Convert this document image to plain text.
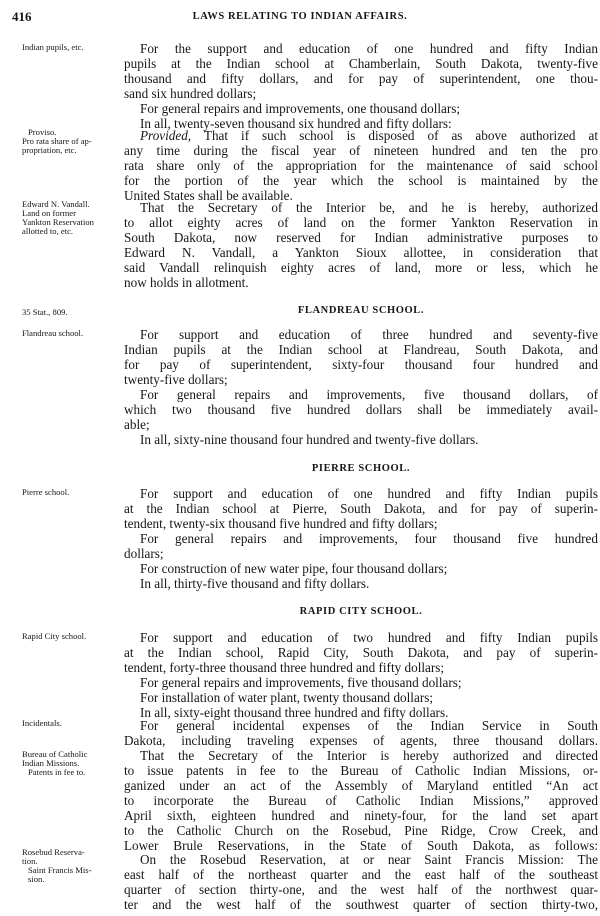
416	LAWS RELATING TO INDIAN AFFAIRS.
Indian pupils, etc.
Proviso.
Pro rata share of ap-
propriation, etc.
Edward N. Vandall.
Land on former
Yankton Reservation
allotted to, etc.
35 Stat., 809.
Flandreau school.
Pierre school.
Rapid City school.
Incidentals.
Bureau of Catholic
Indian Missions.
Patents in fee to.
Rosebud Reserva-
tion.
Saint Francis Mis-
sion.
FLANDREAU SCHOOL.
PIERRE SCHOOL.
RAPID CITY SCHOOL.
For the support and education of one hundred and fifty Indian
pupils at the Indian school at Chamberlain, South Dakota, twenty-five
thousand and fifty dollars, and for pay of superintendent, one thou-
sand six hundred dollars;
For general repairs and improvements, one thousand dollars;
In all, twenty-seven thousand six hundred and fifty dollars:
Provided, That if such school is disposed of as above authorized at
any time during the fiscal year of nineteen hundred and ten the pro
rata share only of the appropriation for the maintenance of said school
for the portion of the year which the school is maintained by the
United States shall be available.
That the Secretary of the Interior be, and he is hereby, authorized
to allot eighty acres of land on the former Yankton Reservation in
South Dakota, now reserved for Indian administrative purposes to
Edward N. Vandall, a Yankton Sioux allottee, in consideration that
said Vandall relinquish eighty acres of land, more or less, which he
now holds in allotment.
For support and education of three hundred and seventy-five
Indian pupils at the Indian school at Flandreau, South Dakota, and
for pay of superintendent, sixty-four thousand four hundred and
twenty-five dollars;
For general repairs and improvements, five thousand dollars, of
which two thousand five hundred dollars shall be immediately avail-
able;
In all, sixty-nine thousand four hundred and twenty-five dollars.
For support and education of one hundred and fifty Indian pupils
at the Indian school at Pierre, South Dakota, and for pay of superin-
tendent, twenty-six thousand five hundred and fifty dollars;
For general repairs and improvements, four thousand five hundred
dollars;
For construction of new water pipe, four thousand dollars;
In all, thirty-five thousand and fifty dollars.
For support and education of two hundred and fifty Indian pupils
at the Indian school, Rapid City, South Dakota, and pay of superin-
tendent, forty-three thousand three hundred and fifty dollars;
For general repairs and improvements, five thousand dollars;
For installation of water plant, twenty thousand dollars;
In all, sixty-eight thousand three hundred and fifty dollars.
For general incidental expenses of the Indian Service in South
Dakota, including traveling expenses of agents, three thousand dollars.
That the Secretary of the Interior is hereby authorized and directed
to issue patents in fee to the Bureau of Catholic Indian Missions, or-
ganized under an act of the Assembly of Maryland entitled “An act
to incorporate the Bureau of Catholic Indian Missions,” approved
April sixth, eighteen hundred and ninety-four, for the land set apart
to the Catholic Church on the Rosebud, Pine Ridge, Crow Creek, and
Lower Brule Reservations, in the State of South Dakota, as follows:
On the Rosebud Reservation, at or near Saint Francis Mission: The
east half of the northeast quarter and the east half of the southeast
quarter of section thirty-one, and the west half of the northwest quar-
ter and the west half of the southwest quarter of section thirty-two,
